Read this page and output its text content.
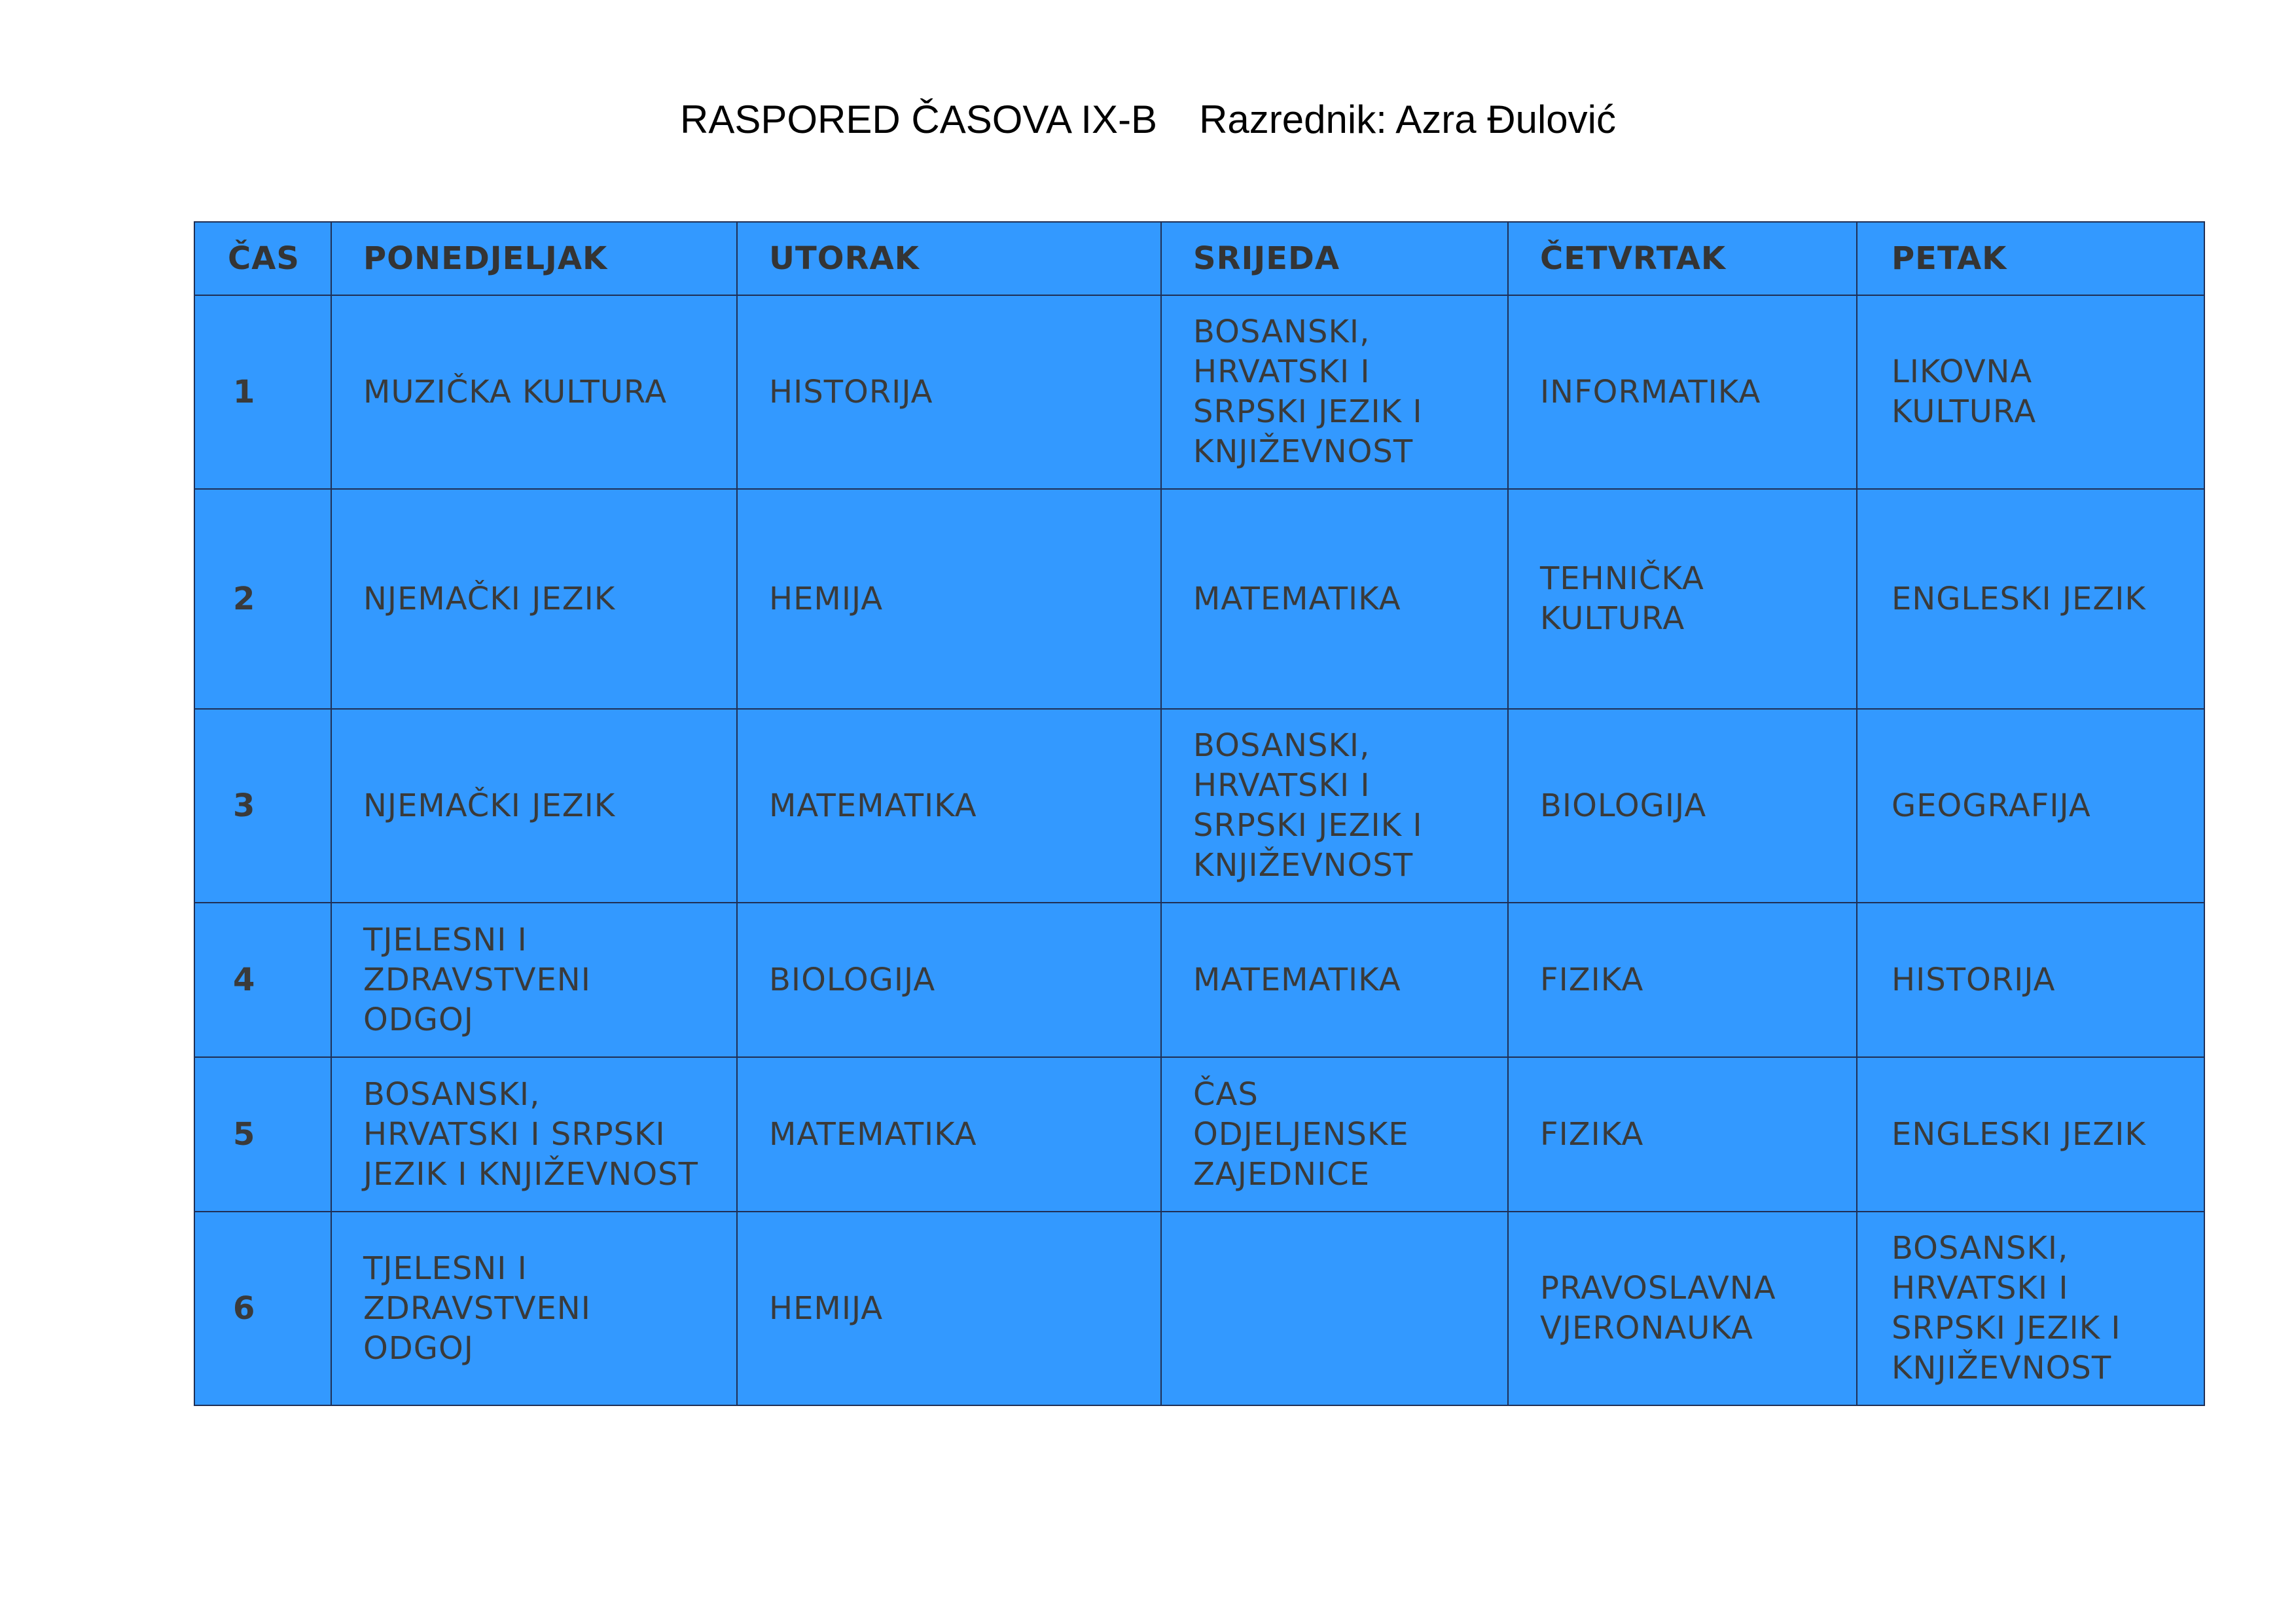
RASPORED ČASOVA IX-B Razrednik: Azra Đulović
ČAS	PONEDJELJAK	UTORAK	SRIJEDA	ČETVRTAK	PETAK
1	MUZIČKA KULTURA	HISTORIJA	BOSANSKI, HRVATSKI I SRPSKI JEZIK I KNJIŽEVNOST	INFORMATIKA	LIKOVNA KULTURA
2	NJEMAČKI JEZIK	HEMIJA	MATEMATIKA	TEHNIČKA KULTURA	ENGLESKI JEZIK
3	NJEMAČKI JEZIK	MATEMATIKA	BOSANSKI, HRVATSKI I SRPSKI JEZIK I KNJIŽEVNOST	BIOLOGIJA	GEOGRAFIJA
4	TJELESNI I ZDRAVSTVENI ODGOJ	BIOLOGIJA	MATEMATIKA	FIZIKA	HISTORIJA
5	BOSANSKI, HRVATSKI I SRPSKI JEZIK I KNJIŽEVNOST	MATEMATIKA	ČAS ODJELJENSKE ZAJEDNICE	FIZIKA	ENGLESKI JEZIK
6	TJELESNI I ZDRAVSTVENI ODGOJ	HEMIJA		PRAVOSLAVNA VJERONAUKA	BOSANSKI, HRVATSKI I SRPSKI JEZIK I KNJIŽEVNOST
